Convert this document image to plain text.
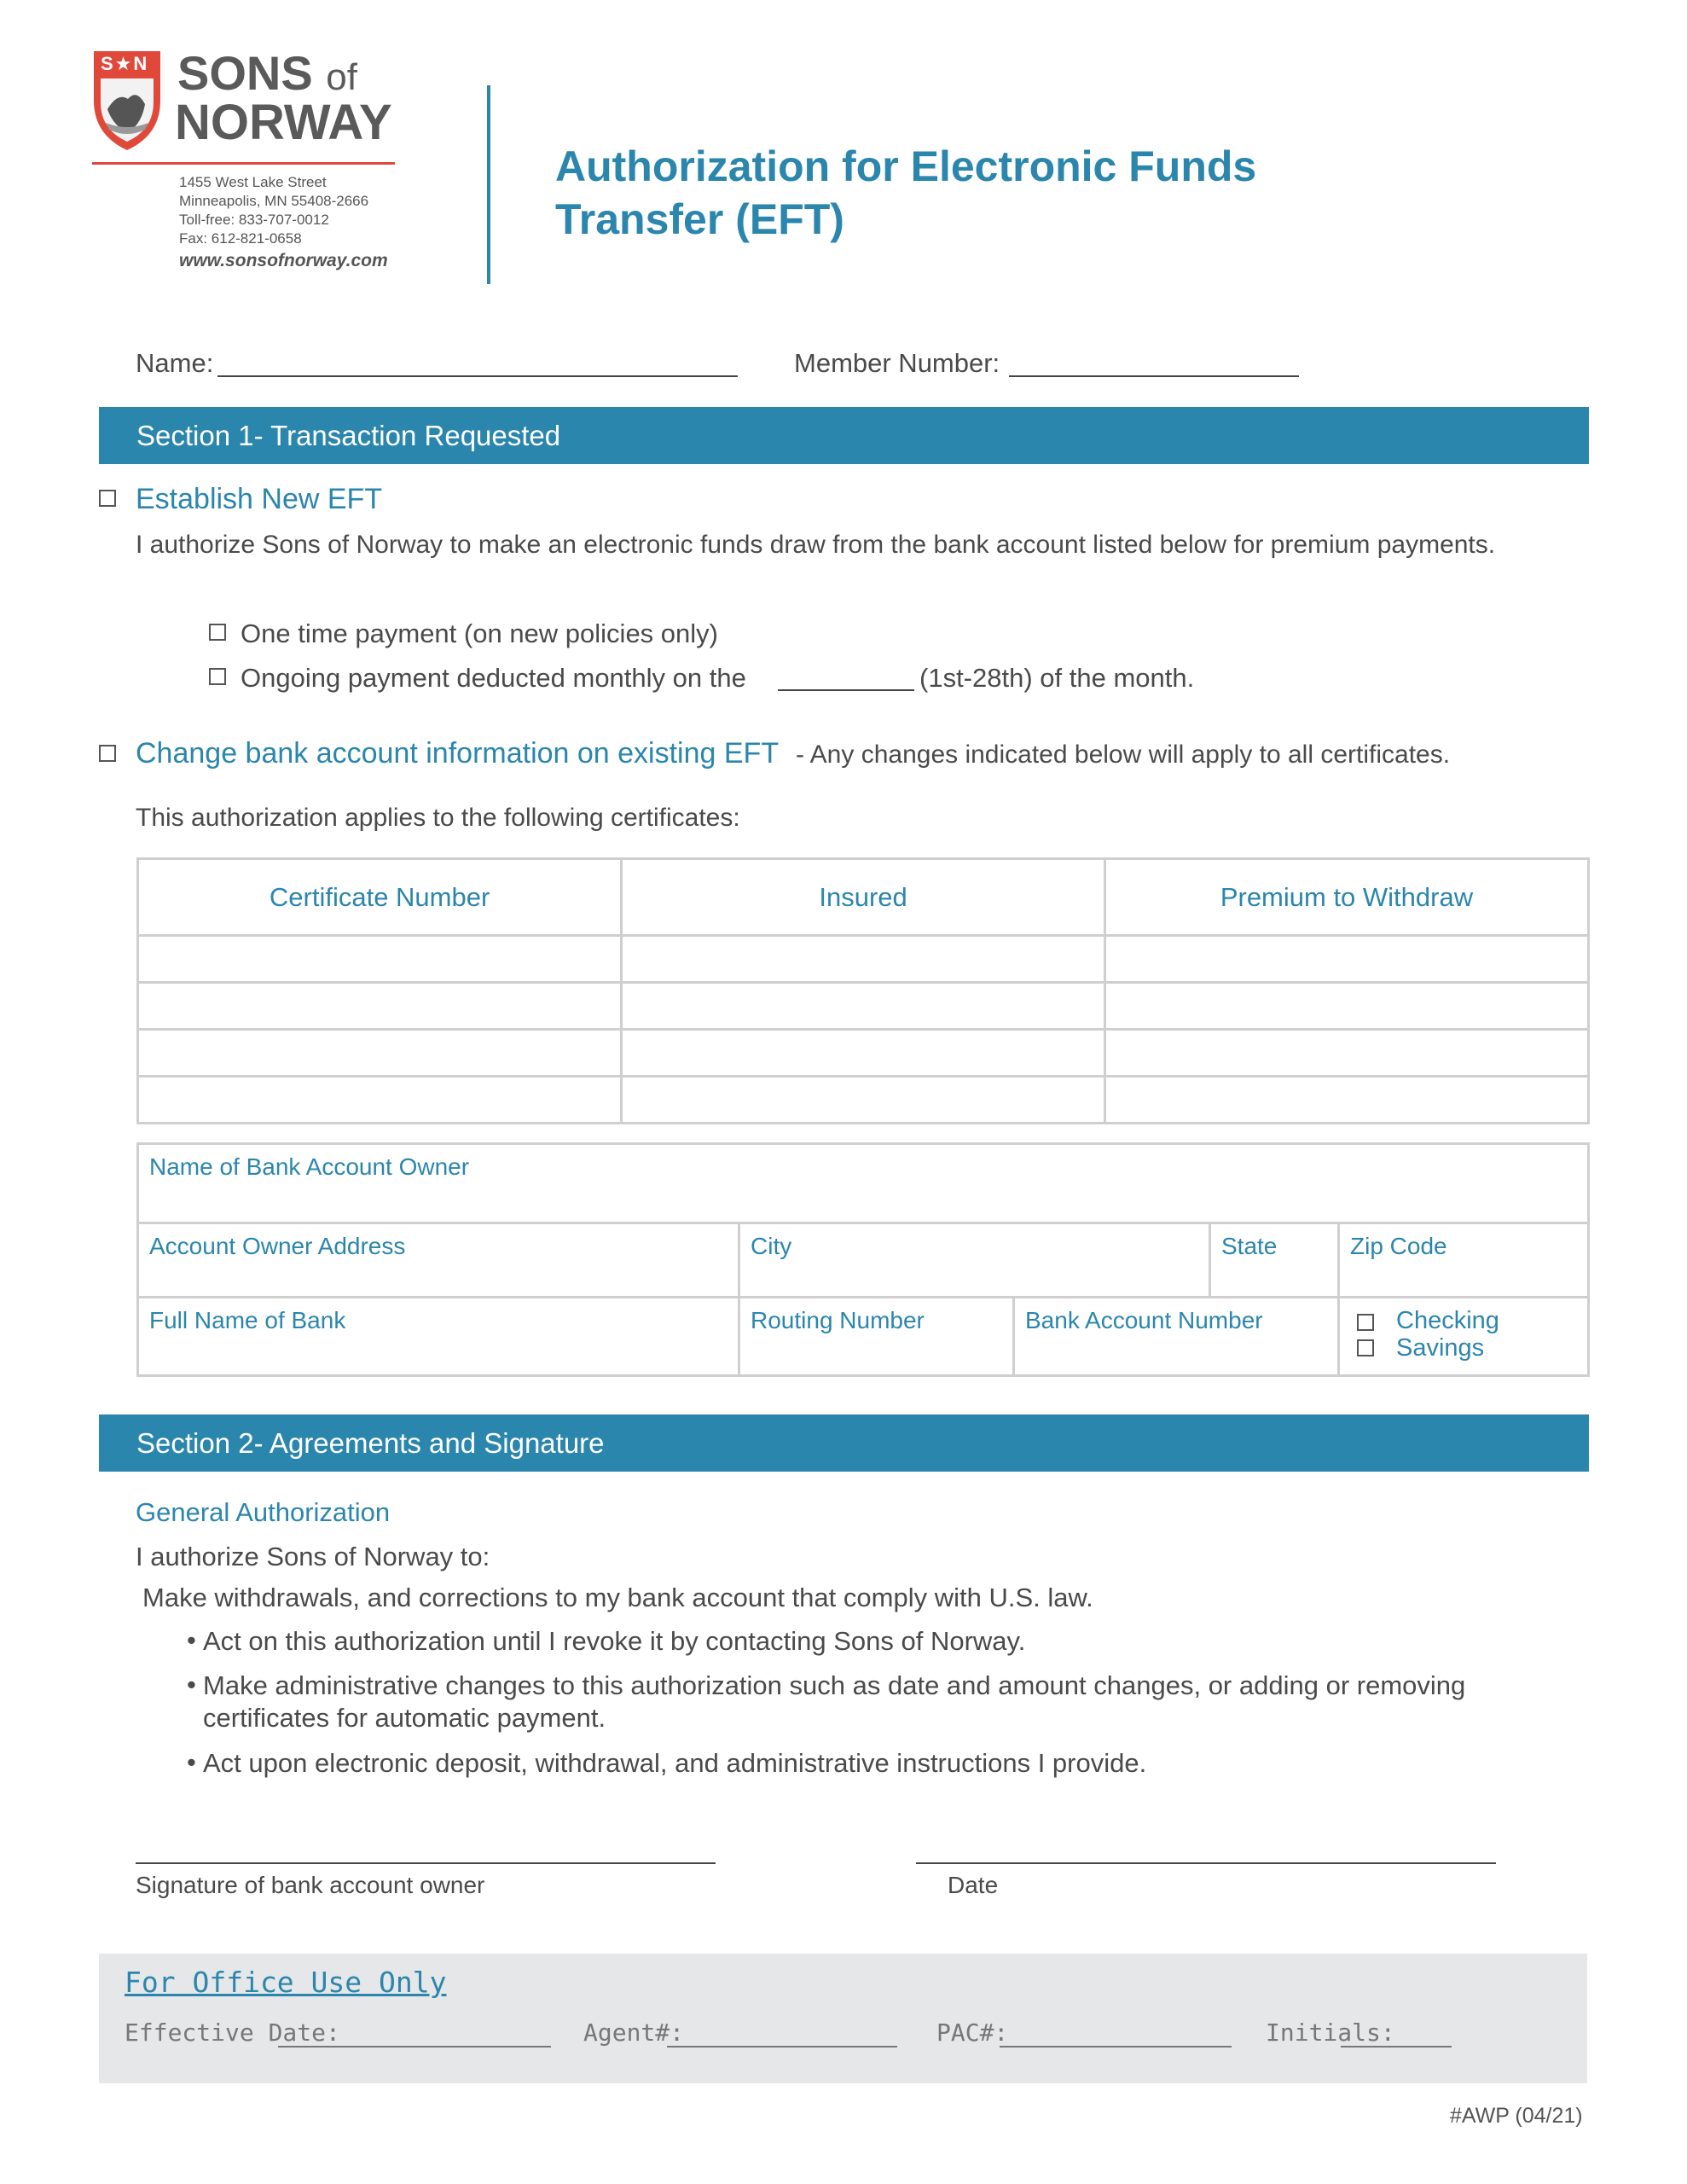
S★N SONS of
NORWAY
1455 West Lake Street
Minneapolis, MN 55408-2666
Toll-free: 833-707-0012
Fax: 612-821-0658
www.sonsofnorway.com
Authorization for Electronic Funds
Transfer (EFT)
Name:	Member Number:
Section 1- Transaction Requested
Establish New EFT
I authorize Sons of Norway to make an electronic funds draw from the bank account listed below for premium payments.
One time payment (on new policies only)
Ongoing payment deducted monthly on the	(1st-28th) of the month.
Change bank account information on existing EFT - Any changes indicated below will apply to all certificates.
This authorization applies to the following certificates:
Certificate Number	Insured	Premium to Withdraw

Name of Bank Account Owner
Account Owner Address	City	State	Zip Code
Full Name of Bank	Routing Number	Bank Account Number	Checking
Savings
Section 2- Agreements and Signature
General Authorization
I authorize Sons of Norway to:
Make withdrawals, and corrections to my bank account that comply with U.S. law.
• Act on this authorization until I revoke it by contacting Sons of Norway.
• Make administrative changes to this authorization such as date and amount changes, or adding or removing
certificates for automatic payment.
• Act upon electronic deposit, withdrawal, and administrative instructions I provide.
Signature of bank account owner	Date
For Office Use Only
Effective Date:	Agent#:	PAC#:	Initials:
#AWP (04/21)
